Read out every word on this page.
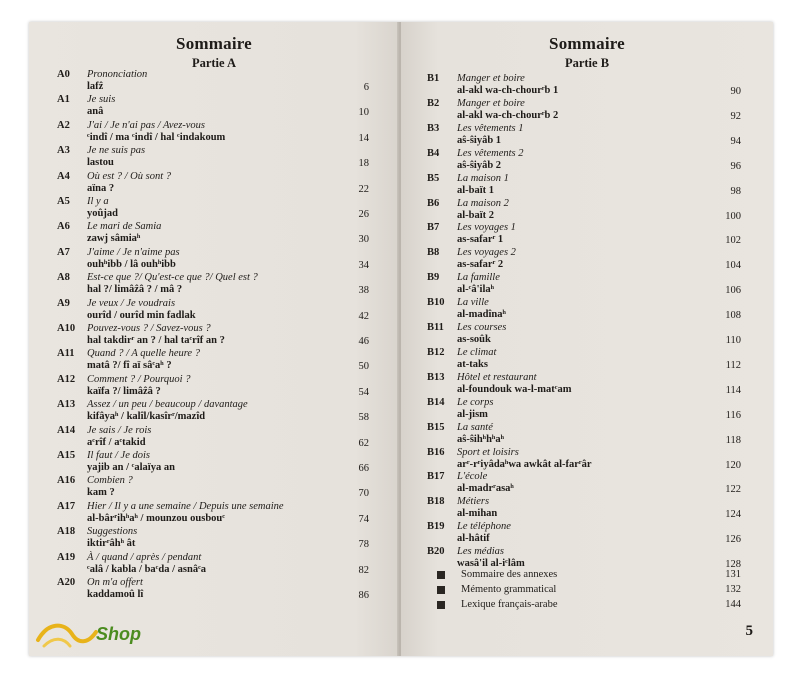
Sommaire
Partie A
A0 Prononciation
lafẑ	6
A1 Je suis
anâ	10
A2 J'ai / Je n'ai pas / Avez-vous
ᶜindî / ma ᶜindî / hal ᶜindakoum	14
A3 Je ne suis pas
lastou	18
A4 Où est ? / Où sont ?
aïna ?	22
A5 Il y a
yoûjad	26
A6 Le mari de Samia
zawj sâmiaʰ	30
A7 J'aime / Je n'aime pas
ouhʰibb / lâ ouhʰibb	34
A8 Est-ce que ?/ Qu'est-ce que ?/ Quel est ?
hal ?/ limâẑâ ? / mâ ?	38
A9 Je veux / Je voudrais
ourîd / ourîd min fadlak	42
A10 Pouvez-vous ? / Savez-vous ?
hal takdirʳ an ? / hal taᶜrîf an ?	46
A11 Quand ? / A quelle heure ?
matâ ?/ fî aï sâᶜaʰ ?	50
A12 Comment ? / Pourquoi ?
kaïfa ?/ limâẑâ ?	54
A13 Assez / un peu / beaucoup / davantage
kifâyaʰ / kalîl/kasîrʳ/mazîd	58
A14 Je sais / Je rois
aᶜrîf / aᶜtakid	62
A15 Il faut / Je dois
yajib an / ᶜalaïya an	66
A16 Combien ?
kam ?	70
A17 Hier / Il y a une semaine / Depuis une semaine
al-bârʳihʰaʰ / mounzou ousbouᶜ	74
A18 Suggestions
iktirʳâhʰ ât	78
A19 À / quand / après / pendant
ᶜalâ / kabla / baᶜda / asnâᶜa	82
A20 On m'a offert
kaddamoû lî	86
Sommaire
Partie B
B1 Manger et boire
al-akl wa-ch-chourʳb 1	90
B2 Manger et boire
al-akl wa-ch-chourʳb 2	92
B3 Les vêtements 1
aŝ-ŝiyâb 1	94
B4 Les vêtements 2
aŝ-ŝiyâb 2	96
B5 La maison 1
al-baït 1	98
B6 La maison 2
al-baït 2	100
B7 Les voyages 1
as-safarʳ 1	102
B8 Les voyages 2
as-safarʳ 2	104
B9 La famille
al-ᶜâ'ilaʰ	106
B10 La ville
al-madînaʰ	108
B11 Les courses
as-soûk	110
B12 Le climat
at-taks	112
B13 Hôtel et restaurant
al-foundouk wa-l-matᶜam	114
B14 Le corps
al-jism	116
B15 La santé
aŝ-ŝihʰhʰaʰ	118
B16 Sport et loisirs
arʳ-rʳiyâdaʰwa awkât al-farʳâr	120
B17 L'école
al-madrʳasaʰ	122
B18 Métiers
al-mihan	124
B19 Le téléphone
al-hâtif	126
B20 Les médias
wasâ'il al-iᶜlâm	128
Sommaire des annexes	131
Mémento grammatical	132
Lexique français-arabe	144
5
Shop
